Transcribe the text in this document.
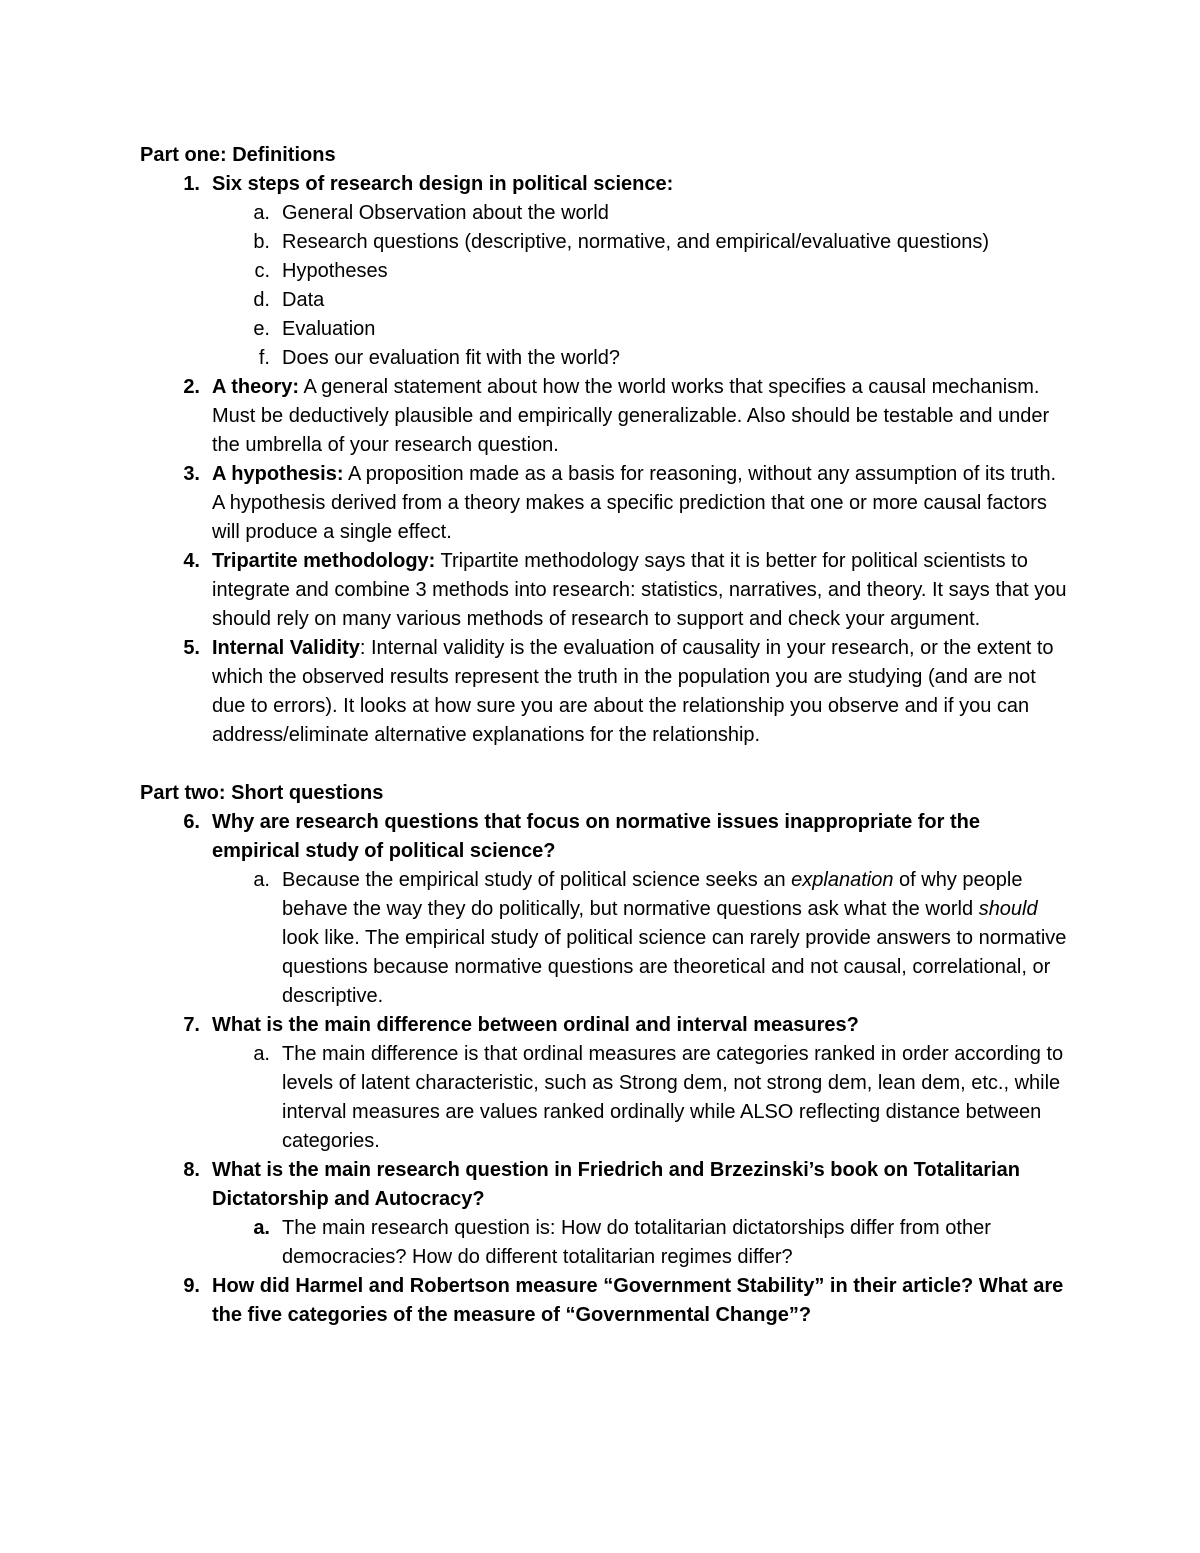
Part one: Definitions
1. Six steps of research design in political science:
a. General Observation about the world
b. Research questions (descriptive, normative, and empirical/evaluative questions)
c. Hypotheses
d. Data
e. Evaluation
f. Does our evaluation fit with the world?
2. A theory: A general statement about how the world works that specifies a causal mechanism. Must be deductively plausible and empirically generalizable. Also should be testable and under the umbrella of your research question.
3. A hypothesis: A proposition made as a basis for reasoning, without any assumption of its truth. A hypothesis derived from a theory makes a specific prediction that one or more causal factors will produce a single effect.
4. Tripartite methodology: Tripartite methodology says that it is better for political scientists to integrate and combine 3 methods into research: statistics, narratives, and theory. It says that you should rely on many various methods of research to support and check your argument.
5. Internal Validity: Internal validity is the evaluation of causality in your research, or the extent to which the observed results represent the truth in the population you are studying (and are not due to errors). It looks at how sure you are about the relationship you observe and if you can address/eliminate alternative explanations for the relationship.
Part two: Short questions
6. Why are research questions that focus on normative issues inappropriate for the empirical study of political science?
a. Because the empirical study of political science seeks an explanation of why people behave the way they do politically, but normative questions ask what the world should look like. The empirical study of political science can rarely provide answers to normative questions because normative questions are theoretical and not causal, correlational, or descriptive.
7. What is the main difference between ordinal and interval measures?
a. The main difference is that ordinal measures are categories ranked in order according to levels of latent characteristic, such as Strong dem, not strong dem, lean dem, etc., while interval measures are values ranked ordinally while ALSO reflecting distance between categories.
8. What is the main research question in Friedrich and Brzezinski’s book on Totalitarian Dictatorship and Autocracy?
a. The main research question is: How do totalitarian dictatorships differ from other democracies? How do different totalitarian regimes differ?
9. How did Harmel and Robertson measure “Government Stability” in their article? What are the five categories of the measure of “Governmental Change”?
